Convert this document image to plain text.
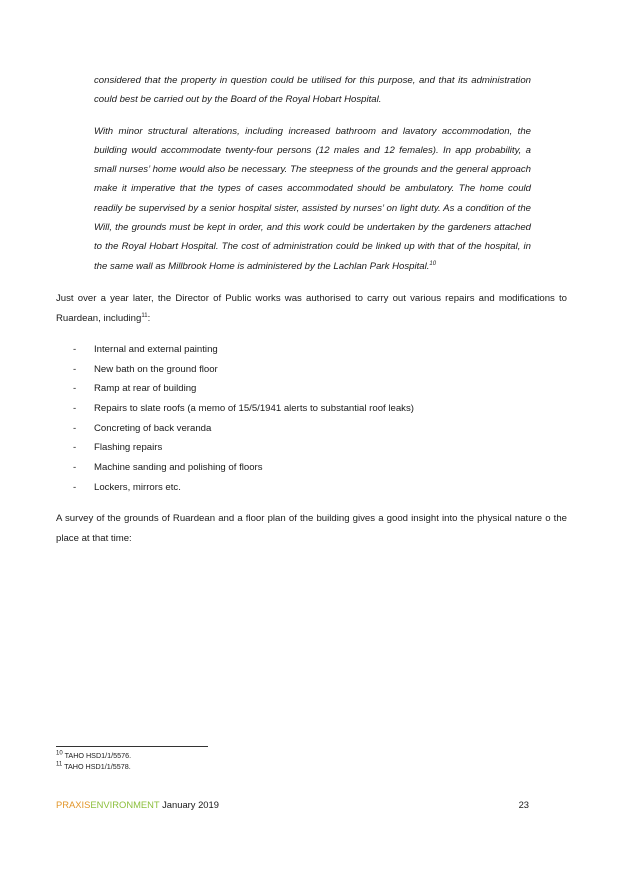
considered that the property in question could be utilised for this purpose, and that its administration could best be carried out by the Board of the Royal Hobart Hospital.

With minor structural alterations, including increased bathroom and lavatory accommodation, the building would accommodate twenty-four persons (12 males and 12 females). In app probability, a small nurses’ home would also be necessary. The steepness of the grounds and the general approach make it imperative that the types of cases accommodated should be ambulatory. The home could readily be supervised by a senior hospital sister, assisted by nurses’ on light duty. As a condition of the Will, the grounds must be kept in order, and this work could be undertaken by the gardeners attached to the Royal Hobart Hospital. The cost of administration could be linked up with that of the hospital, in the same wall as Millbrook Home is administered by the Lachlan Park Hospital.$^{10}$

Just over a year later, the Director of Public works was authorised to carry out various repairs and modifications to Ruardean, including$^{11}$:

- Internal and external painting
- New bath on the ground floor
- Ramp at rear of building
- Repairs to slate roofs (a memo of 15/5/1941 alerts to substantial roof leaks)
- Concreting of back veranda
- Flashing repairs
- Machine sanding and polishing of floors
- Lockers, mirrors etc.

A survey of the grounds of Ruardean and a floor plan of the building gives a good insight into the physical nature o the place at that time:

$^{10}$ TAHO HSD1/1/5576.
$^{11}$ TAHO HSD1/1/5578.
PRAXISENVIRONMENT January 2019	23
